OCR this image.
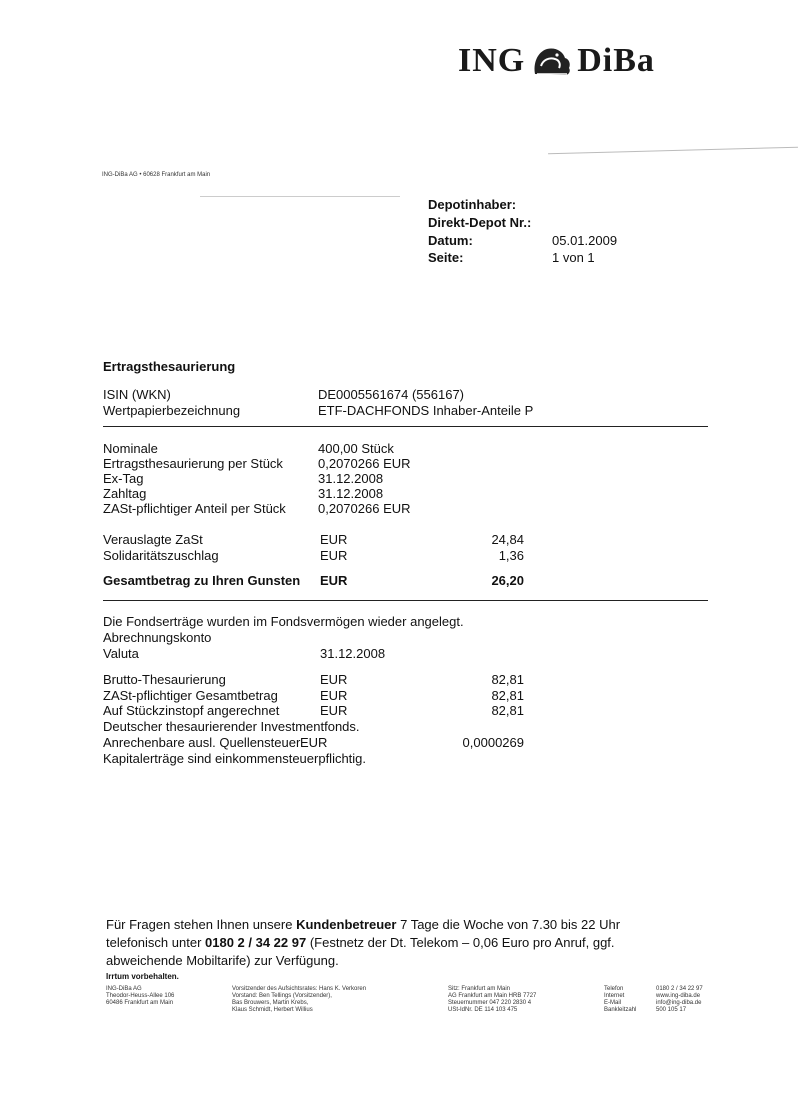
ING DiBa
ING-DiBa AG • 60628 Frankfurt am Main
Depotinhaber:
Direkt-Depot Nr.:
Datum:	05.01.2009
Seite:	1 von 1
Ertragsthesaurierung
ISIN (WKN)	DE0005561674 (556167)
Wertpapierbezeichnung	ETF-DACHFONDS Inhaber-Anteile P
Nominale	400,00 Stück
Ertragsthesaurierung per Stück	0,2070266 EUR
Ex-Tag	31.12.2008
Zahltag	31.12.2008
ZASt-pflichtiger Anteil per Stück 0,2070266 EUR
Verauslagte ZaSt	EUR	24,84
Solidaritätszuschlag	EUR	1,36
Gesamtbetrag zu Ihren Gunsten EUR	26,20
Die Fondserträge wurden im Fondsvermögen wieder angelegt.
Abrechnungskonto
Valuta	31.12.2008
Brutto-Thesaurierung	EUR	82,81
ZASt-pflichtiger Gesamtbetrag	EUR	82,81
Auf Stückzinstopf angerechnet	EUR	82,81
Deutscher thesaurierender Investmentfonds.
Anrechenbare ausl. Quellensteuer EUR	0,0000269
Kapitalerträge sind einkommensteuerpflichtig.
Für Fragen stehen Ihnen unsere Kundenbetreuer 7 Tage die Woche von 7.30 bis 22 Uhr
telefonisch unter 0180 2 / 34 22 97 (Festnetz der Dt. Telekom – 0,06 Euro pro Anruf, ggf.
abweichende Mobiltarife) zur Verfügung.
Irrtum vorbehalten.
ING-DiBa AG
Theodor-Heuss-Allee 106
60486 Frankfurt am Main
Vorsitzender des Aufsichtsrates: Hans K. Verkoren
Vorstand: Ben Tellings (Vorsitzender),
Bas Brouwers, Martin Krebs,
Klaus Schmidt, Herbert Willius
Sitz: Frankfurt am Main
AG Frankfurt am Main HRB 7727
Steuernummer 047 220 2830 4
USt-IdNr. DE 114 103 475
Telefon
Internet
E-Mail
Bankleitzahl
0180 2 / 34 22 97
www.ing-diba.de
info@ing-diba.de
500 105 17
